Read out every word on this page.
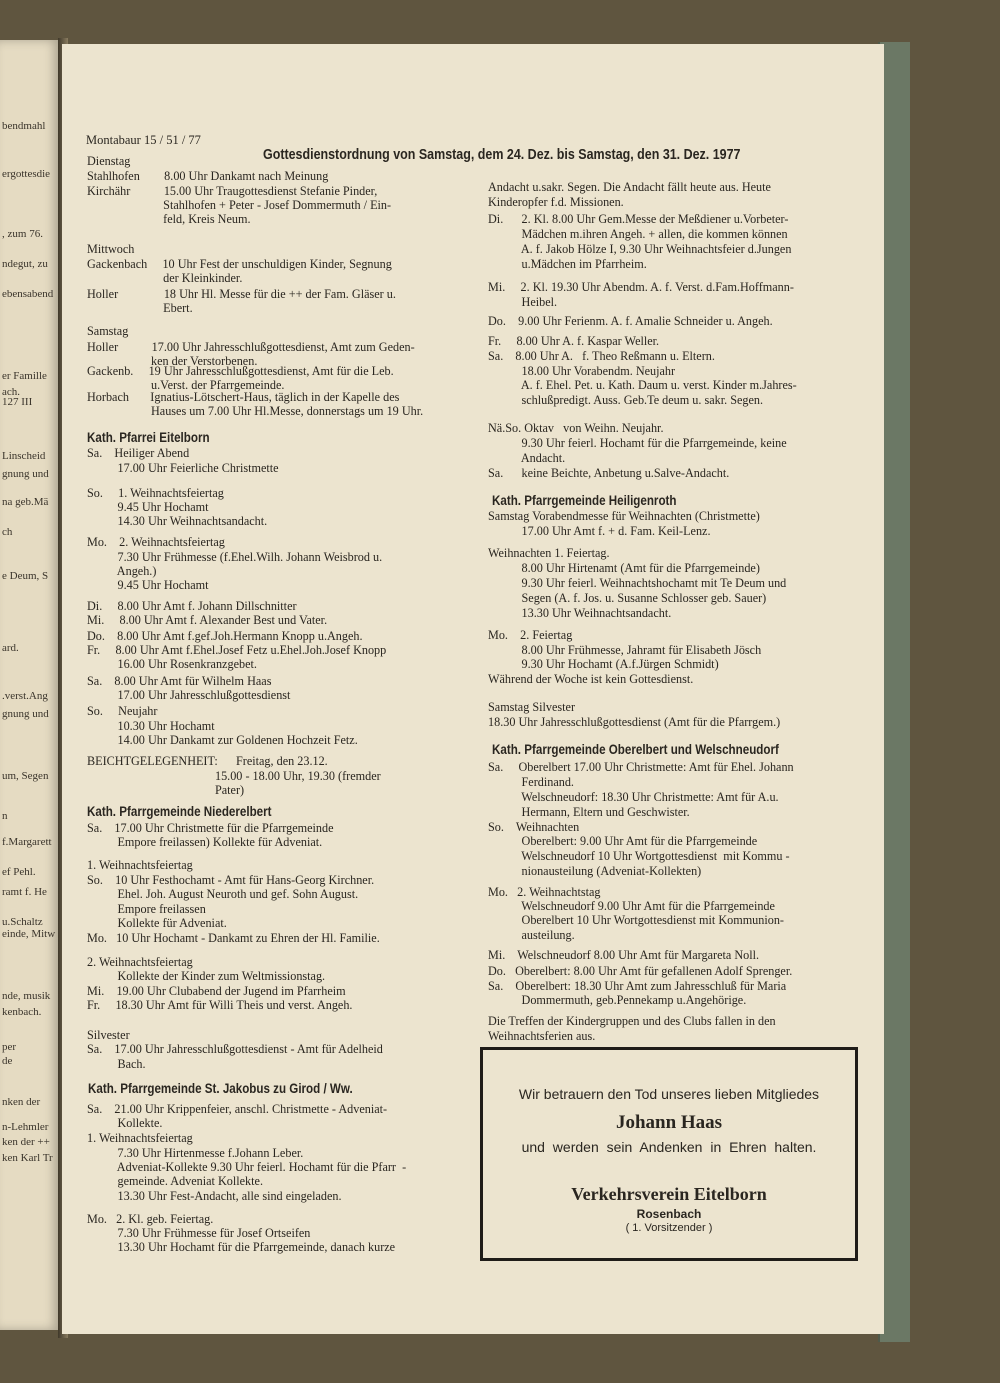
bendmahl
ergottesdie
, zum 76.
ndegut, zu
ebensabend
er Famille
ach.
127 III
Linscheid
gnung und
na geb.Mä
ch
e Deum, S
ard.
.verst.Ang
gnung und
um, Segen
n
f.Margarett
ef Pehl.
ramt f. He
u.Schaltz
einde, Mitw
nde, musik
kenbach.
per
de
nken der
n-Lehmler
ken der ++
ken Karl Tr
Montabaur 15 / 51 / 77
Gottesdienstordnung von Samstag, dem 24. Dez. bis Samstag, den 31. Dez. 1977
Dienstag
Stahlhofen        8.00 Uhr Dankamt nach Meinung
Kirchähr           15.00 Uhr Traugottesdienst Stefanie Pinder,
Stahlhofen + Peter - Josef Dommermuth / Ein-
feld, Kreis Neum.
Mittwoch
Gackenbach     10 Uhr Fest der unschuldigen Kinder, Segnung
der Kleinkinder.
Holler               18 Uhr Hl. Messe für die ++ der Fam. Gläser u.
Ebert.
Samstag
Holler           17.00 Uhr Jahresschlußgottesdienst, Amt zum Geden-
ken der Verstorbenen.
Gackenb.     19 Uhr Jahresschlußgottesdienst, Amt für die Leb.
u.Verst. der Pfarrgemeinde.
Horbach       Ignatius-Lötschert-Haus, täglich in der Kapelle des
Hauses um 7.00 Uhr Hl.Messe, donnerstags um 19 Uhr.
Sa.    Heiliger Abend
17.00 Uhr Feierliche Christmette
So.     1. Weihnachtsfeiertag
9.45 Uhr Hochamt
14.30 Uhr Weihnachtsandacht.
Mo.    2. Weihnachtsfeiertag
7.30 Uhr Frühmesse (f.Ehel.Wilh. Johann Weisbrod u.
Angeh.)
9.45 Uhr Hochamt
Di.     8.00 Uhr Amt f. Johann Dillschnitter
Mi.     8.00 Uhr Amt f. Alexander Best und Vater.
Do.    8.00 Uhr Amt f.gef.Joh.Hermann Knopp u.Angeh.
Fr.     8.00 Uhr Amt f.Ehel.Josef Fetz u.Ehel.Joh.Josef Knopp
16.00 Uhr Rosenkranzgebet.
Sa.    8.00 Uhr Amt für Wilhelm Haas
17.00 Uhr Jahresschlußgottesdienst
So.     Neujahr
10.30 Uhr Hochamt
14.00 Uhr Dankamt zur Goldenen Hochzeit Fetz.
BEICHTGELEGENHEIT:      Freitag, den 23.12.
15.00 - 18.00 Uhr, 19.30 (fremder
Pater)
Sa.    17.00 Uhr Christmette für die Pfarrgemeinde
Empore freilassen) Kollekte für Adveniat.
1. Weihnachtsfeiertag
So.    10 Uhr Festhochamt - Amt für Hans-Georg Kirchner.
Ehel. Joh. August Neuroth und gef. Sohn August.
Empore freilassen
Kollekte für Adveniat.
Mo.   10 Uhr Hochamt - Dankamt zu Ehren der Hl. Familie.
2. Weihnachtsfeiertag
Kollekte der Kinder zum Weltmissionstag.
Mi.    19.00 Uhr Clubabend der Jugend im Pfarrheim
Fr.     18.30 Uhr Amt für Willi Theis und verst. Angeh.
Silvester
Sa.    17.00 Uhr Jahresschlußgottesdienst - Amt für Adelheid
Bach.
Sa.    21.00 Uhr Krippenfeier, anschl. Christmette - Adveniat-
Kollekte.
1. Weihnachtsfeiertag
7.30 Uhr Hirtenmesse f.Johann Leber.
Adveniat-Kollekte 9.30 Uhr feierl. Hochamt für die Pfarr  -
gemeinde. Adveniat Kollekte.
13.30 Uhr Fest-Andacht, alle sind eingeladen.
Mo.   2. Kl. geb. Feiertag.
7.30 Uhr Frühmesse für Josef Ortseifen
13.30 Uhr Hochamt für die Pfarrgemeinde, danach kurze
Andacht u.sakr. Segen. Die Andacht fällt heute aus. Heute
Kinderopfer f.d. Missionen.
Di.      2. Kl. 8.00 Uhr Gem.Messe der Meßdiener u.Vorbeter-
Mädchen m.ihren Angeh. + allen, die kommen können
A. f. Jakob Hölze I, 9.30 Uhr Weihnachtsfeier d.Jungen
u.Mädchen im Pfarrheim.
Mi.     2. Kl. 19.30 Uhr Abendm. A. f. Verst. d.Fam.Hoffmann-
Heibel.
Do.    9.00 Uhr Ferienm. A. f. Amalie Schneider u. Angeh.
Fr.     8.00 Uhr A. f. Kaspar Weller.
Sa.    8.00 Uhr A.   f. Theo Reßmann u. Eltern.
18.00 Uhr Vorabendm. Neujahr
A. f. Ehel. Pet. u. Kath. Daum u. verst. Kinder m.Jahres-
schlußpredigt. Auss. Geb.Te deum u. sakr. Segen.
Nä.So. Oktav   von Weihn. Neujahr.
9.30 Uhr feierl. Hochamt für die Pfarrgemeinde, keine
Andacht.
Sa.      keine Beichte, Anbetung u.Salve-Andacht.
Samstag Vorabendmesse für Weihnachten (Christmette)
17.00 Uhr Amt f. + d. Fam. Keil-Lenz.
Weihnachten 1. Feiertag.
8.00 Uhr Hirtenamt (Amt für die Pfarrgemeinde)
9.30 Uhr feierl. Weihnachtshochamt mit Te Deum und
Segen (A. f. Jos. u. Susanne Schlosser geb. Sauer)
13.30 Uhr Weihnachtsandacht.
Mo.    2. Feiertag
8.00 Uhr Frühmesse, Jahramt für Elisabeth Jösch
9.30 Uhr Hochamt (A.f.Jürgen Schmidt)
Während der Woche ist kein Gottesdienst.
Samstag Silvester
18.30 Uhr Jahresschlußgottesdienst (Amt für die Pfarrgem.)
Sa.     Oberelbert 17.00 Uhr Christmette: Amt für Ehel. Johann
Ferdinand.
Welschneudorf: 18.30 Uhr Christmette: Amt für A.u.
Hermann, Eltern und Geschwister.
So.    Weihnachten
Oberelbert: 9.00 Uhr Amt für die Pfarrgemeinde
Welschneudorf 10 Uhr Wortgottesdienst  mit Kommu -
nionausteilung (Adveniat-Kollekten)
Mo.   2. Weihnachtstag
Welschneudorf 9.00 Uhr Amt für die Pfarrgemeinde
Oberelbert 10 Uhr Wortgottesdienst mit Kommunion-
austeilung.
Mi.    Welschneudorf 8.00 Uhr Amt für Margareta Noll.
Do.   Oberelbert: 8.00 Uhr Amt für gefallenen Adolf Sprenger.
Sa.    Oberelbert: 18.30 Uhr Amt zum Jahresschluß für Maria
Dommermuth, geb.Pennekamp u.Angehörige.
Die Treffen der Kindergruppen und des Clubs fallen in den
Weihnachtsferien aus.
Kath. Pfarrei Eitelborn
Kath. Pfarrgemeinde Niederelbert
Kath. Pfarrgemeinde St. Jakobus zu Girod / Ww.
Kath. Pfarrgemeinde Heiligenroth
Kath. Pfarrgemeinde Oberelbert und Welschneudorf
Wir betrauern den Tod unseres lieben Mitgliedes
Johann Haas
und werden sein Andenken in Ehren halten.
Verkehrsverein Eitelborn
Rosenbach
( 1. Vorsitzender )
